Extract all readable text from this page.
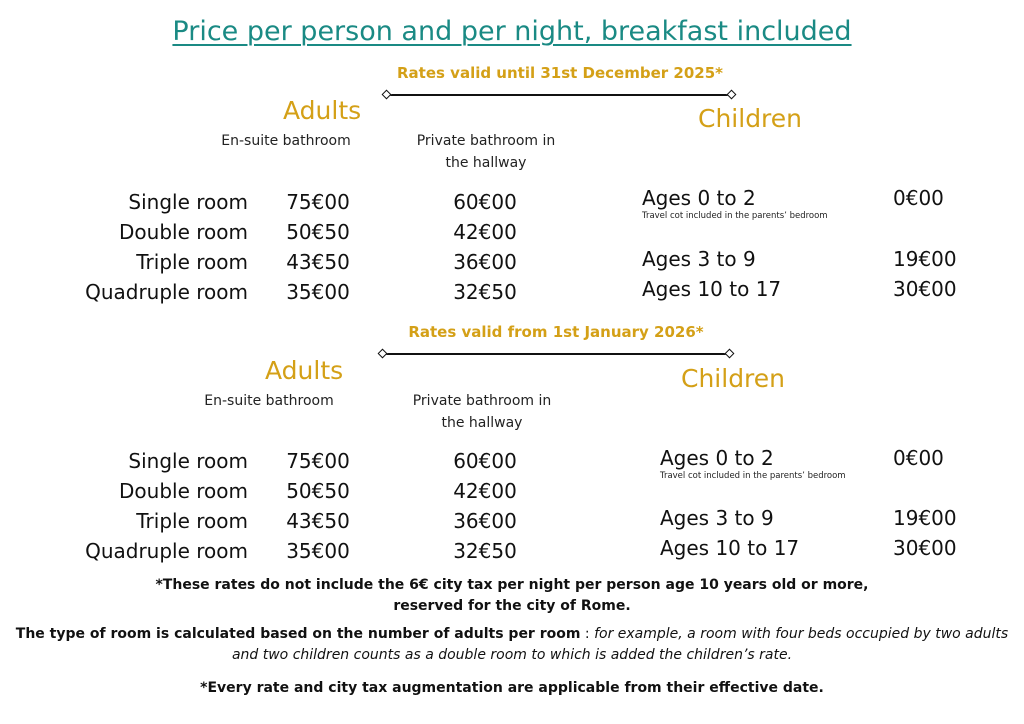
Price per person and per night, breakfast included
Rates valid until 31st December 2025*
Adults	Children
En-suite bathroom	Private bathroom in
the hallway
Single room	75€00	60€00
Double room	50€50	42€00
Triple room	43€50	36€00
Quadruple room	35€00	32€50
Ages 0 to 2	0€00
Travel cot included in the parents’ bedroom
Ages 3 to 9	19€00
Ages 10 to 17	30€00
Rates valid from 1st January 2026*
Adults	Children
En-suite bathroom	Private bathroom in
the hallway
Single room	75€00	60€00
Double room	50€50	42€00
Triple room	43€50	36€00
Quadruple room	35€00	32€50
Ages 0 to 2	0€00
Travel cot included in the parents’ bedroom
Ages 3 to 9	19€00
Ages 10 to 17	30€00
*These rates do not include the 6€ city tax per night per person age 10 years old or more,
reserved for the city of Rome.
The type of room is calculated based on the number of adults per room : for example, a room with four beds occupied by two adults
and two children counts as a double room to which is added the children’s rate.
*Every rate and city tax augmentation are applicable from their effective date.
